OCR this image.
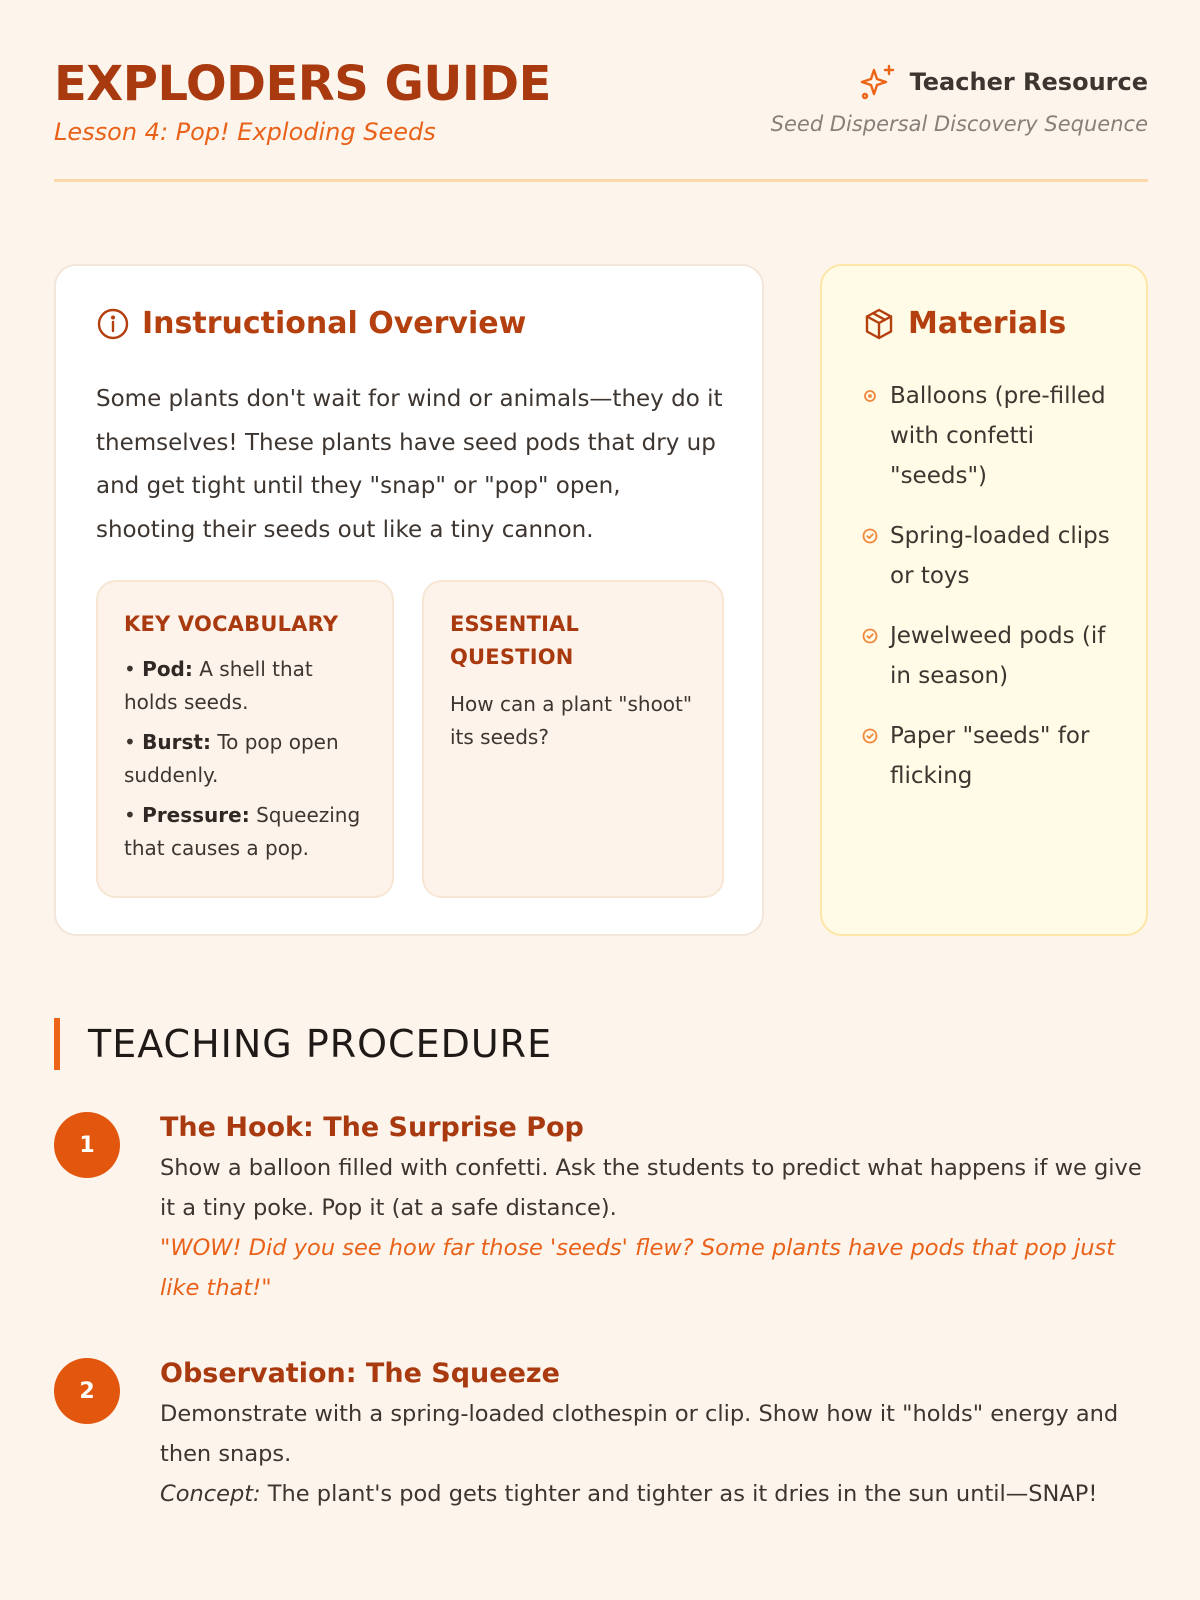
EXPLODERS GUIDE
Lesson 4: Pop! Exploding Seeds
Teacher Resource
Seed Dispersal Discovery Sequence
Instructional Overview

Some plants don't wait for wind or animals—they do it themselves! These plants have seed pods that dry up and get tight until they "snap" or "pop" open, shooting their seeds out like a tiny cannon.

KEY VOCABULARY
• Pod: A shell that holds seeds.
• Burst: To pop open suddenly.
• Pressure: Squeezing that causes a pop.
ESSENTIAL QUESTION

How can a plant "shoot" its seeds?

Materials
Balloons (pre-filled with confetti "seeds")
Spring-loaded clips or toys
Jewelweed pods (if in season)
Paper "seeds" for flicking
TEACHING PROCEDURE
1
The Hook: The Surprise Pop

Show a balloon filled with confetti. Ask the students to predict what happens if we give it a tiny poke. Pop it (at a safe distance).

"WOW! Did you see how far those 'seeds' flew? Some plants have pods that pop just like that!"

2
Observation: The Squeeze

Demonstrate with a spring-loaded clothespin or clip. Show how it "holds" energy and then snaps.

Concept: The plant's pod gets tighter and tighter as it dries in the sun until—SNAP!
